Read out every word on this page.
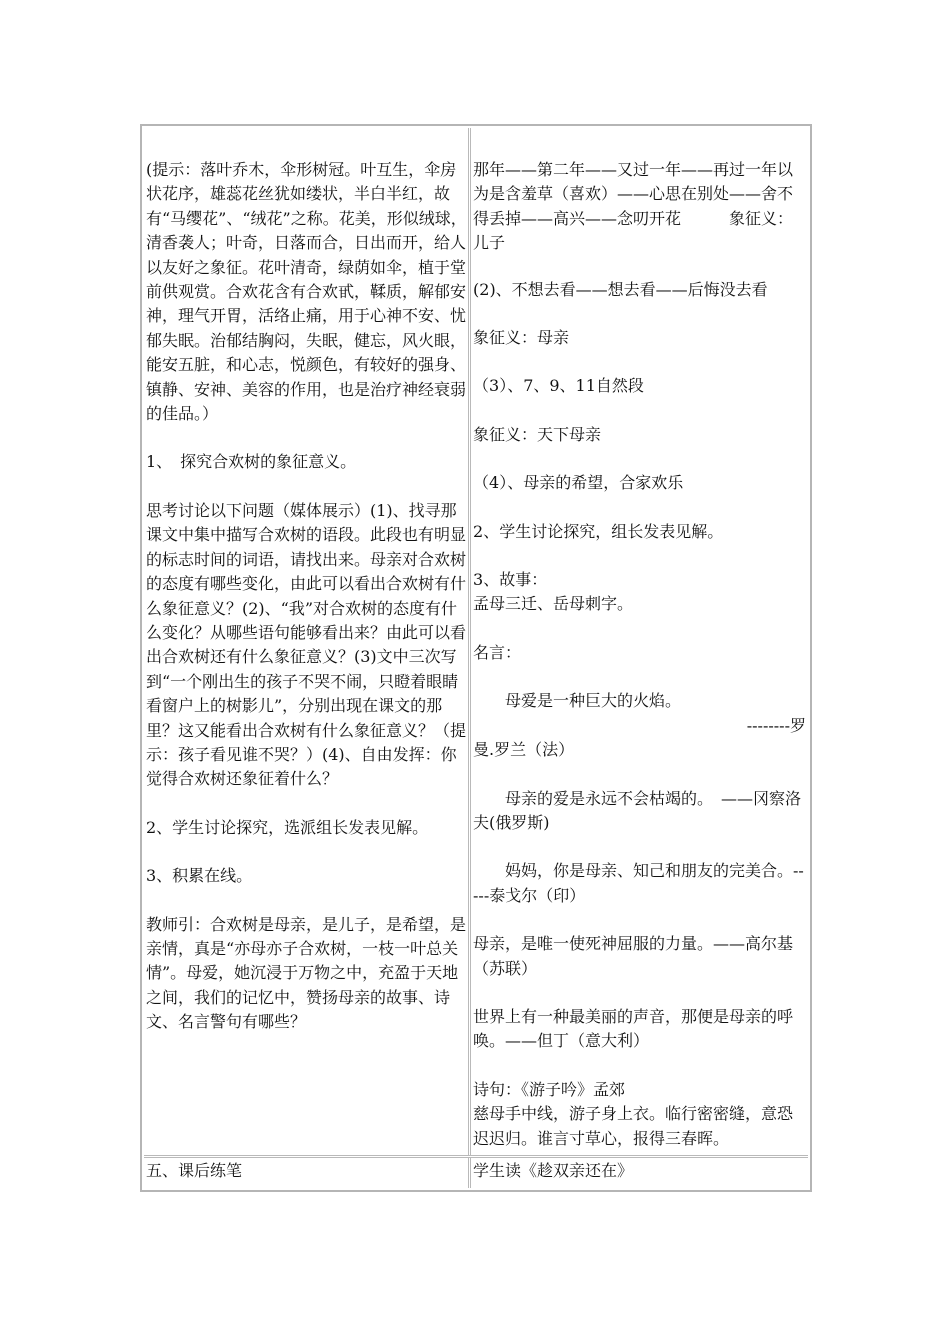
(提示：落叶乔木，伞形树冠。叶互生，伞房状花序，雄蕊花丝犹如缕状，半白半红，故有“马缨花”、“绒花”之称。花美，形似绒球，清香袭人；叶奇，日落而合，日出而开，给人以友好之象征。花叶清奇，绿荫如伞，植于堂前供观赏。合欢花含有合欢甙，鞣质，解郁安神，理气开胃，活络止痛，用于心神不安、忧郁失眠。治郁结胸闷，失眠，健忘，风火眼，能安五脏，和心志，悦颜色，有较好的强身、镇静、安神、美容的作用，也是治疗神经衰弱的佳品。）

1、　探究合欢树的象征意义。

思考讨论以下问题（媒体展示）(1)、找寻那课文中集中描写合欢树的语段。此段也有明显的标志时间的词语，请找出来。母亲对合欢树的态度有哪些变化，由此可以看出合欢树有什么象征意义？(2)、“我”对合欢树的态度有什么变化？从哪些语句能够看出来？由此可以看出合欢树还有什么象征意义？(3)文中三次写到“一个刚出生的孩子不哭不闹，只瞪着眼睛看窗户上的树影儿”，分别出现在课文的那里？这又能看出合欢树有什么象征意义？（提示：孩子看见谁不哭？）(4)、自由发挥：你觉得合欢树还象征着什么？

2、学生讨论探究，选派组长发表见解。

3、积累在线。

教师引：合欢树是母亲，是儿子，是希望，是亲情，真是“亦母亦子合欢树，一枝一叶总关情”。母爱，她沉浸于万物之中，充盈于天地之间，我们的记忆中，赞扬母亲的故事、诗文、名言警句有哪些？

那年——第二年——又过一年——再过一年以为是含羞草（喜欢）——心思在别处——舍不得丢掉——高兴——念叨开花　　　象征义：儿子

(2)、不想去看——想去看——后悔没去看

象征义：母亲

（3）、7、9、11自然段

象征义：天下母亲

（4）、母亲的希望，合家欢乐

2、学生讨论探究，组长发表见解。

3、故事：

孟母三迁、岳母刺字。

名言：

母爱是一种巨大的火焰。

--------罗

曼.罗兰（法）

母亲的爱是永远不会枯竭的。　——冈察洛夫(俄罗斯)

妈妈，你是母亲、知己和朋友的完美合。-----泰戈尔（印）

母亲，是唯一使死神屈服的力量。——高尔基（苏联）

世界上有一种最美丽的声音，那便是母亲的呼唤。——但丁（意大利）

诗句：《游子吟》孟郊

慈母手中线，游子身上衣。临行密密缝，意恐迟迟归。谁言寸草心，报得三春晖。

五、课后练笔	学生读《趁双亲还在》
